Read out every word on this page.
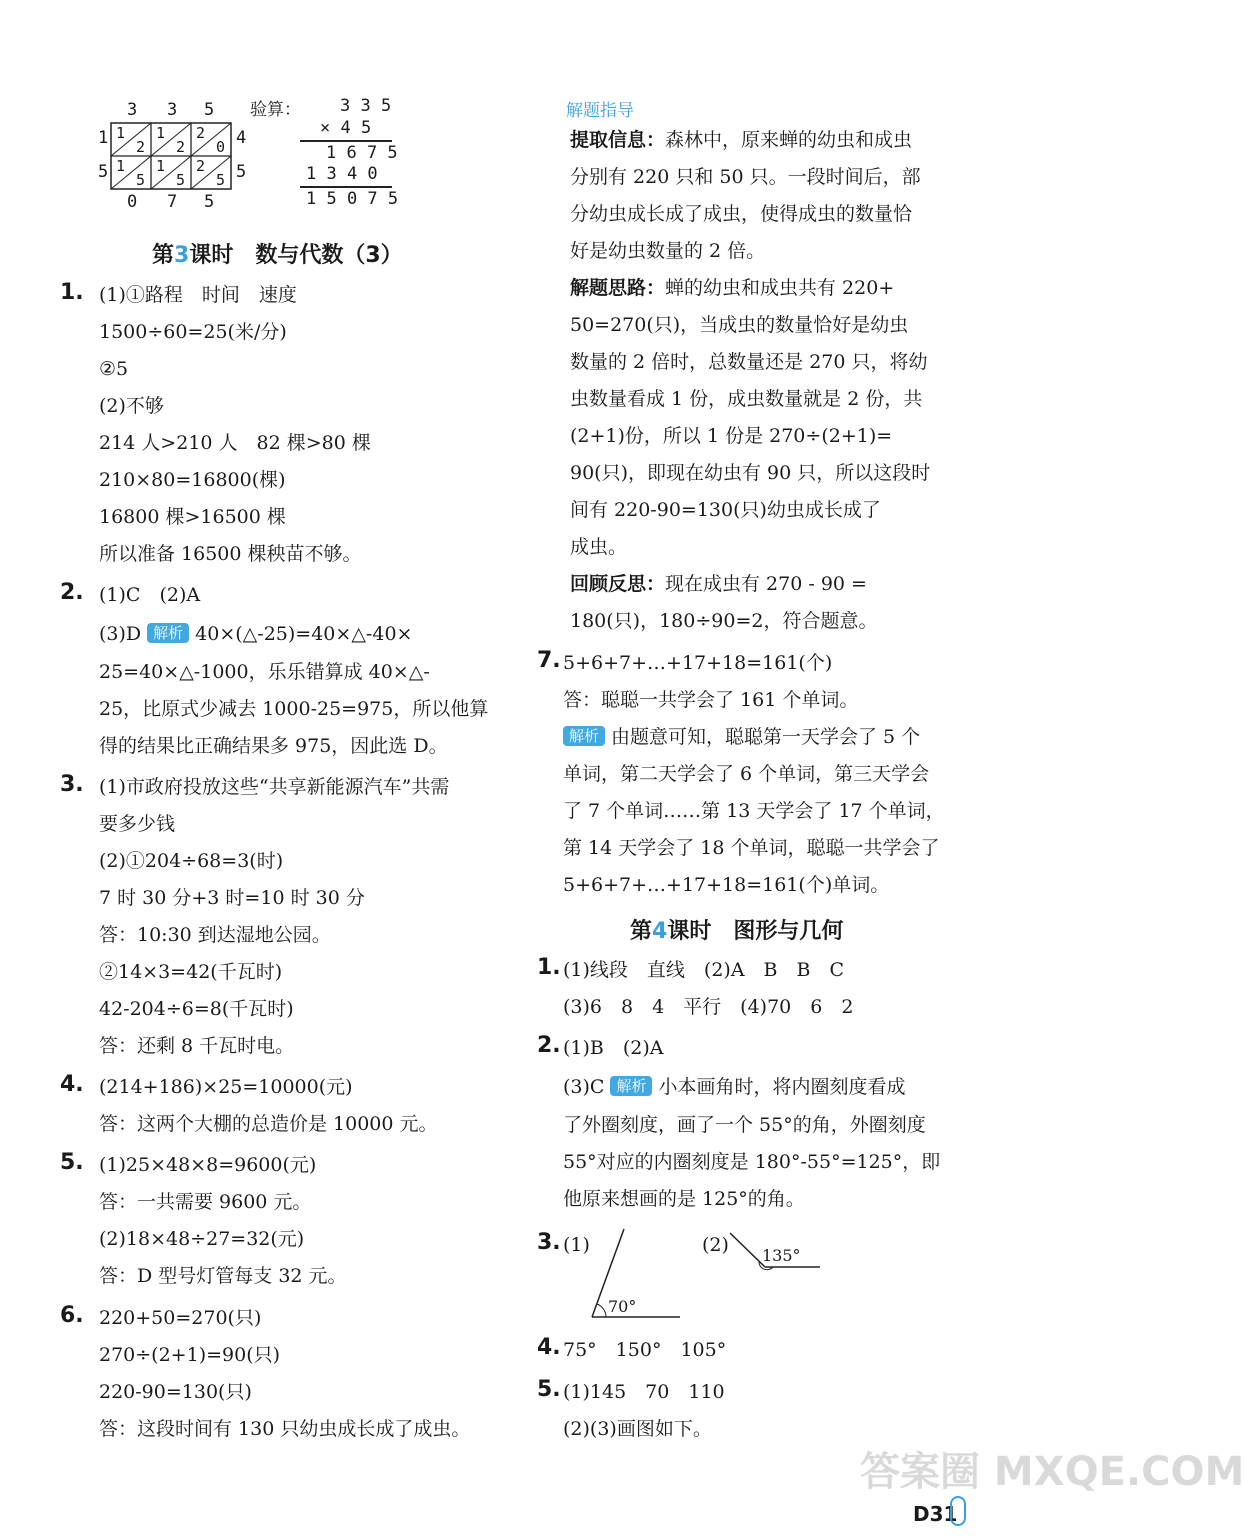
3 3 5
1
5
4
5
1
2
1
2
2
0
1
5
1
5
2
5
0 7 5
验算： 3 3 5
× 4 5
1 6 7 5
1 3 4 0
1 5 0 7 5
第3课时　数与代数（3）
1. (1)①路程　时间　速度
1500÷60=25(米/分)
②5
(2)不够
214 人>210 人　82 棵>80 棵
210×80=16800(棵)
16800 棵>16500 棵
所以准备 16500 棵秧苗不够。
2. (1)C　(2)A
(3)D 解析 40×(△-25)=40×△-40×
25=40×△-1000，乐乐错算成 40×△-
25，比原式少减去 1000-25=975，所以他算
得的结果比正确结果多 975，因此选 D。
3. (1)市政府投放这些“共享新能源汽车”共需
要多少钱
(2)①204÷68=3(时)
7 时 30 分+3 时=10 时 30 分
答：10:30 到达湿地公园。
②14×3=42(千瓦时)
42-204÷6=8(千瓦时)
答：还剩 8 千瓦时电。
4. (214+186)×25=10000(元)
答：这两个大棚的总造价是 10000 元。
5. (1)25×48×8=9600(元)
答：一共需要 9600 元。
(2)18×48÷27=32(元)
答：D 型号灯管每支 32 元。
6. 220+50=270(只)
270÷(2+1)=90(只)
220-90=130(只)
答：这段时间有 130 只幼虫成长成了成虫。
解题指导
提取信息：森林中，原来蝉的幼虫和成虫
分别有 220 只和 50 只。一段时间后，部
分幼虫成长成了成虫，使得成虫的数量恰
好是幼虫数量的 2 倍。
解题思路：蝉的幼虫和成虫共有 220+
50=270(只)，当成虫的数量恰好是幼虫
数量的 2 倍时，总数量还是 270 只，将幼
虫数量看成 1 份，成虫数量就是 2 份，共
(2+1)份，所以 1 份是 270÷(2+1)=
90(只)，即现在幼虫有 90 只，所以这段时
间有 220-90=130(只)幼虫成长成了
成虫。
回顾反思：现在成虫有 270 - 90 =
180(只)，180÷90=2，符合题意。
7. 5+6+7+…+17+18=161(个)
答：聪聪一共学会了 161 个单词。
解析 由题意可知，聪聪第一天学会了 5 个
单词，第二天学会了 6 个单词，第三天学会
了 7 个单词……第 13 天学会了 17 个单词，
第 14 天学会了 18 个单词，聪聪一共学会了
5+6+7+…+17+18=161(个)单词。
第4课时　图形与几何
1. (1)线段　直线　(2)A　B　B　C
(3)6　8　4　平行　(4)70　6　2
2. (1)B　(2)A
(3)C 解析 小本画角时，将内圈刻度看成
了外圈刻度，画了一个 55°的角，外圈刻度
55°对应的内圈刻度是 180°-55°=125°，即
他原来想画的是 125°的角。
3. (1)	(2)
70°
135°
4. 75°　150°　105°
5. (1)145　70　110
(2)(3)画图如下。
D31
答案圈 MXQE.COM
